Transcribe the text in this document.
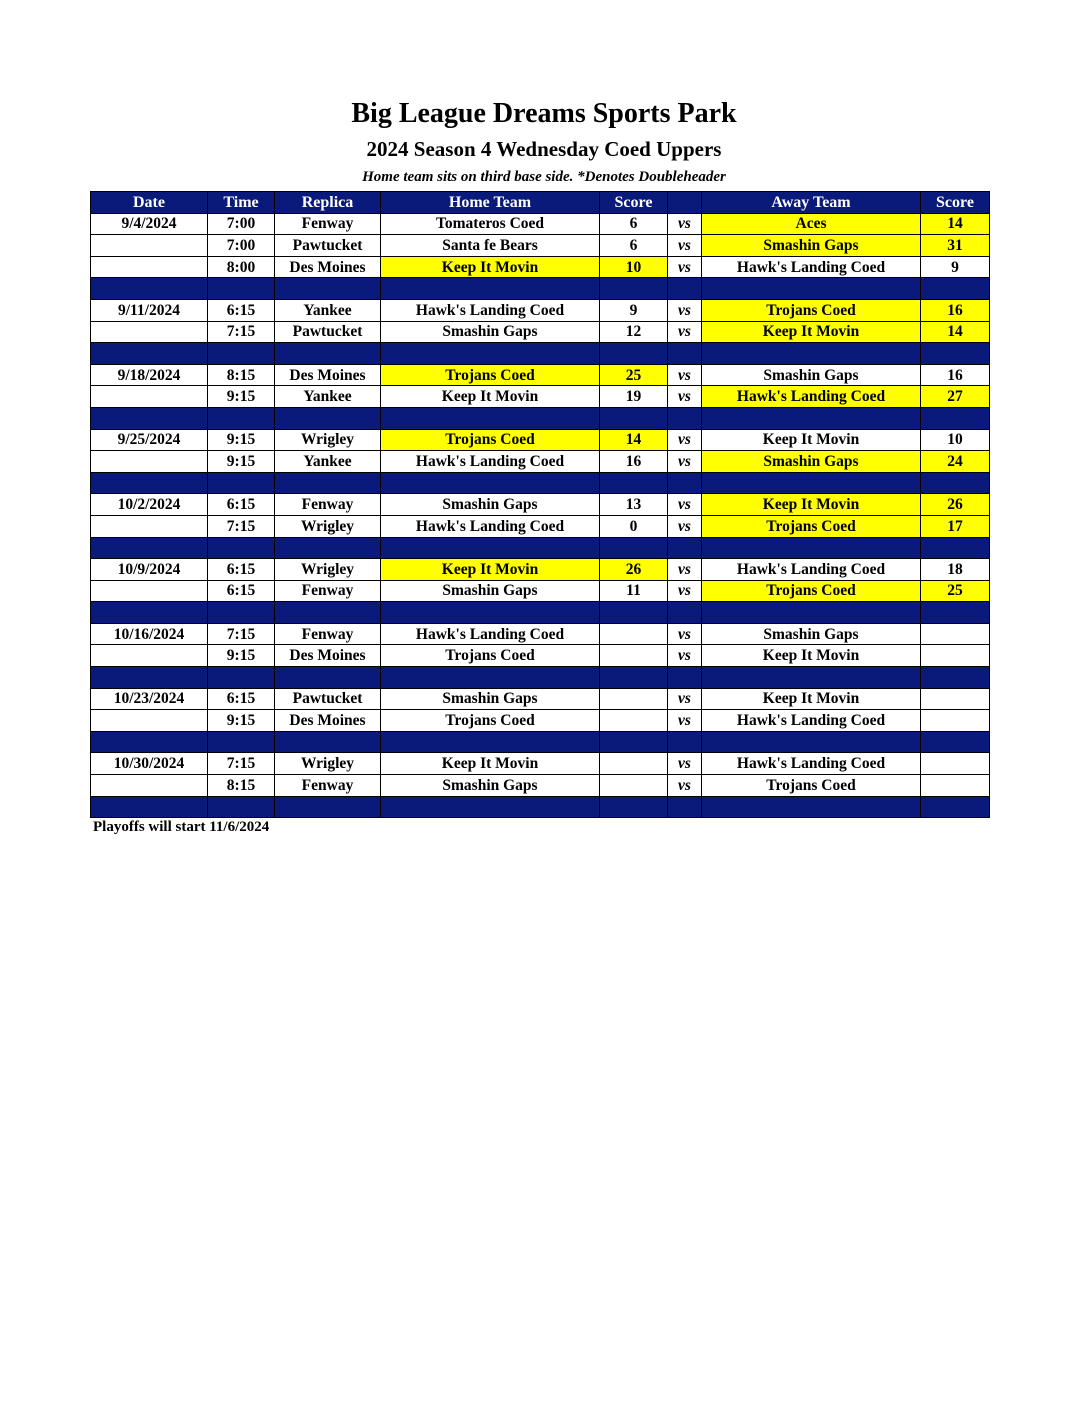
Big League Dreams Sports Park
2024 Season 4 Wednesday Coed Uppers
Home team sits on third base side. *Denotes Doubleheader
Date	Time	Replica	Home Team	Score		Away Team	Score
9/4/2024	7:00	Fenway	Tomateros Coed	6	vs	Aces	14
	7:00	Pawtucket	Santa fe Bears	6	vs	Smashin Gaps	31
	8:00	Des Moines	Keep It Movin	10	vs	Hawk's Landing Coed	9

9/11/2024	6:15	Yankee	Hawk's Landing Coed	9	vs	Trojans Coed	16
	7:15	Pawtucket	Smashin Gaps	12	vs	Keep It Movin	14

9/18/2024	8:15	Des Moines	Trojans Coed	25	vs	Smashin Gaps	16
	9:15	Yankee	Keep It Movin	19	vs	Hawk's Landing Coed	27

9/25/2024	9:15	Wrigley	Trojans Coed	14	vs	Keep It Movin	10
	9:15	Yankee	Hawk's Landing Coed	16	vs	Smashin Gaps	24

10/2/2024	6:15	Fenway	Smashin Gaps	13	vs	Keep It Movin	26
	7:15	Wrigley	Hawk's Landing Coed	0	vs	Trojans Coed	17

10/9/2024	6:15	Wrigley	Keep It Movin	26	vs	Hawk's Landing Coed	18
	6:15	Fenway	Smashin Gaps	11	vs	Trojans Coed	25

10/16/2024	7:15	Fenway	Hawk's Landing Coed		vs	Smashin Gaps	
	9:15	Des Moines	Trojans Coed		vs	Keep It Movin	

10/23/2024	6:15	Pawtucket	Smashin Gaps		vs	Keep It Movin	
	9:15	Des Moines	Trojans Coed		vs	Hawk's Landing Coed	

10/30/2024	7:15	Wrigley	Keep It Movin		vs	Hawk's Landing Coed	
	8:15	Fenway	Smashin Gaps		vs	Trojans Coed	

Playoffs will start 11/6/2024
